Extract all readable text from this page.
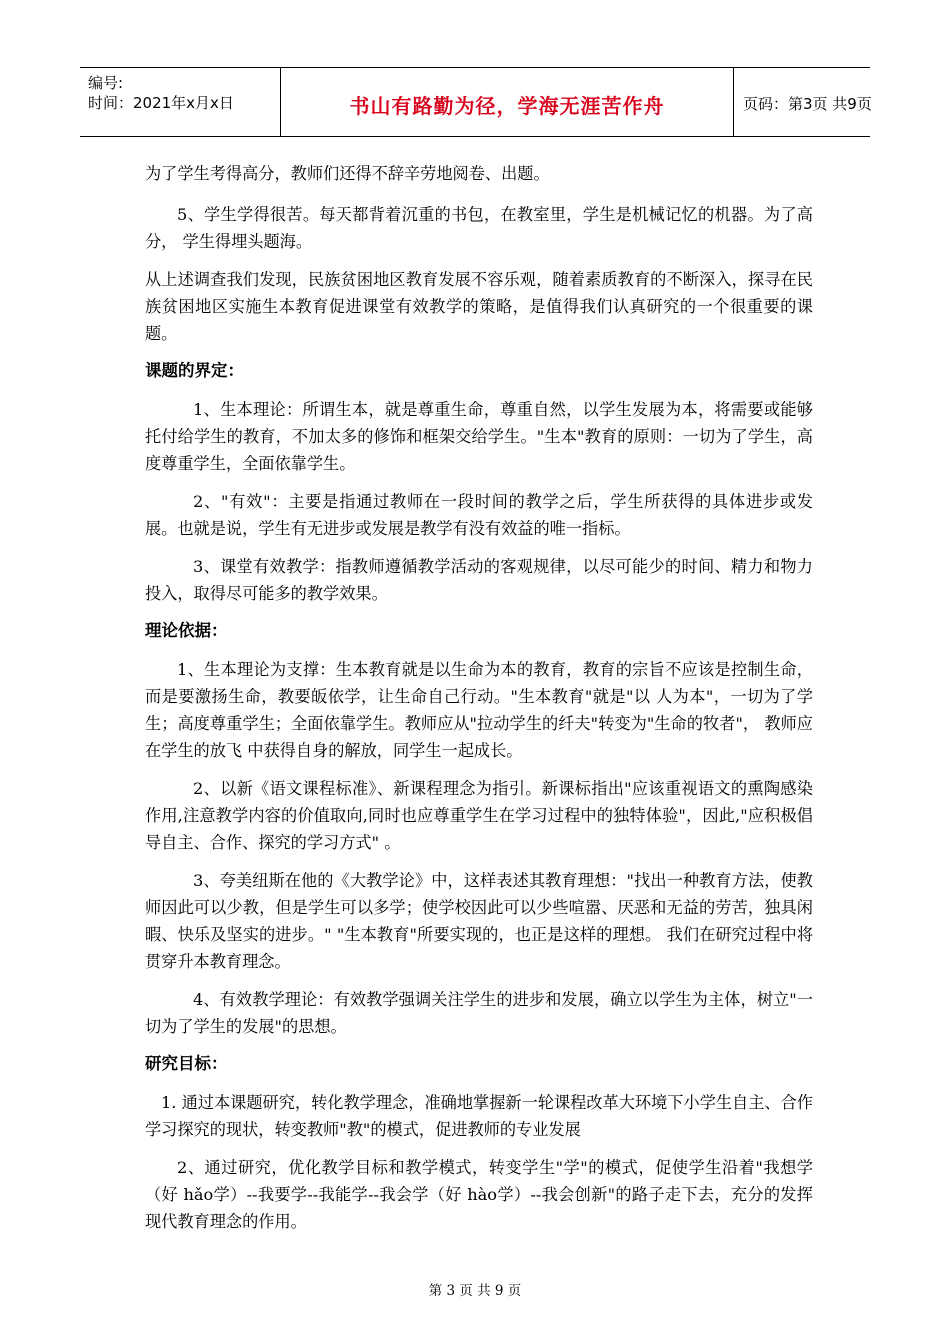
编号:
时间：2021年x月x日	书山有路勤为径，学海无涯苦作舟	页码：第3页 共9页

为了学生考得高分，教师们还得不辞辛劳地阅卷、出题。

5、学生学得很苦。每天都背着沉重的书包，在教室里，学生是机械记忆的机器。为了高分， 学生得埋头题海。

从上述调查我们发现，民族贫困地区教育发展不容乐观，随着素质教育的不断深入，探寻在民族贫困地区实施生本教育促进课堂有效教学的策略，是值得我们认真研究的一个很重要的课题。

课题的界定：

1、生本理论：所谓生本，就是尊重生命，尊重自然，以学生发展为本，将需要或能够托付给学生的教育，不加太多的修饰和框架交给学生。"生本"教育的原则：一切为了学生，高度尊重学生，全面依靠学生。

2、"有效"：主要是指通过教师在一段时间的教学之后，学生所获得的具体进步或发展。也就是说，学生有无进步或发展是教学有没有效益的唯一指标。

3、课堂有效教学：指教师遵循教学活动的客观规律，以尽可能少的时间、精力和物力投入，取得尽可能多的教学效果。

理论依据：

1、生本理论为支撑：生本教育就是以生命为本的教育，教育的宗旨不应该是控制生命，而是要激扬生命，教要皈依学，让生命自己行动。"生本教育"就是"以 人为本"，一切为了学生；高度尊重学生；全面依靠学生。教师应从"拉动学生的纤夫"转变为"生命的牧者"， 教师应在学生的放飞 中获得自身的解放，同学生一起成长。

2、以新《语文课程标准》、新课程理念为指引。新课标指出"应该重视语文的熏陶感染作用,注意教学内容的价值取向,同时也应尊重学生在学习过程中的独特体验"，因此,"应积极倡导自主、合作、探究的学习方式" 。

3、夸美纽斯在他的《大教学论》中，这样表述其教育理想："找出一种教育方法，使教师因此可以少教，但是学生可以多学；使学校因此可以少些喧嚣、厌恶和无益的劳苦，独具闲暇、快乐及坚实的进步。" "生本教育"所要实现的，也正是这样的理想。 我们在研究过程中将贯穿升本教育理念。

4、有效教学理论：有效教学强调关注学生的进步和发展，确立以学生为主体，树立"一切为了学生的发展"的思想。

研究目标：

1. 通过本课题研究，转化教学理念，准确地掌握新一轮课程改革大环境下小学生自主、合作学习探究的现状，转变教师"教"的模式，促进教师的专业发展

2、通过研究，优化教学目标和教学模式，转变学生"学"的模式，促使学生沿着"我想学（好 hǎo学）--我要学--我能学--我会学（好 hào学）--我会创新"的路子走下去，充分的发挥现代教育理念的作用。

第 3 页 共 9 页
